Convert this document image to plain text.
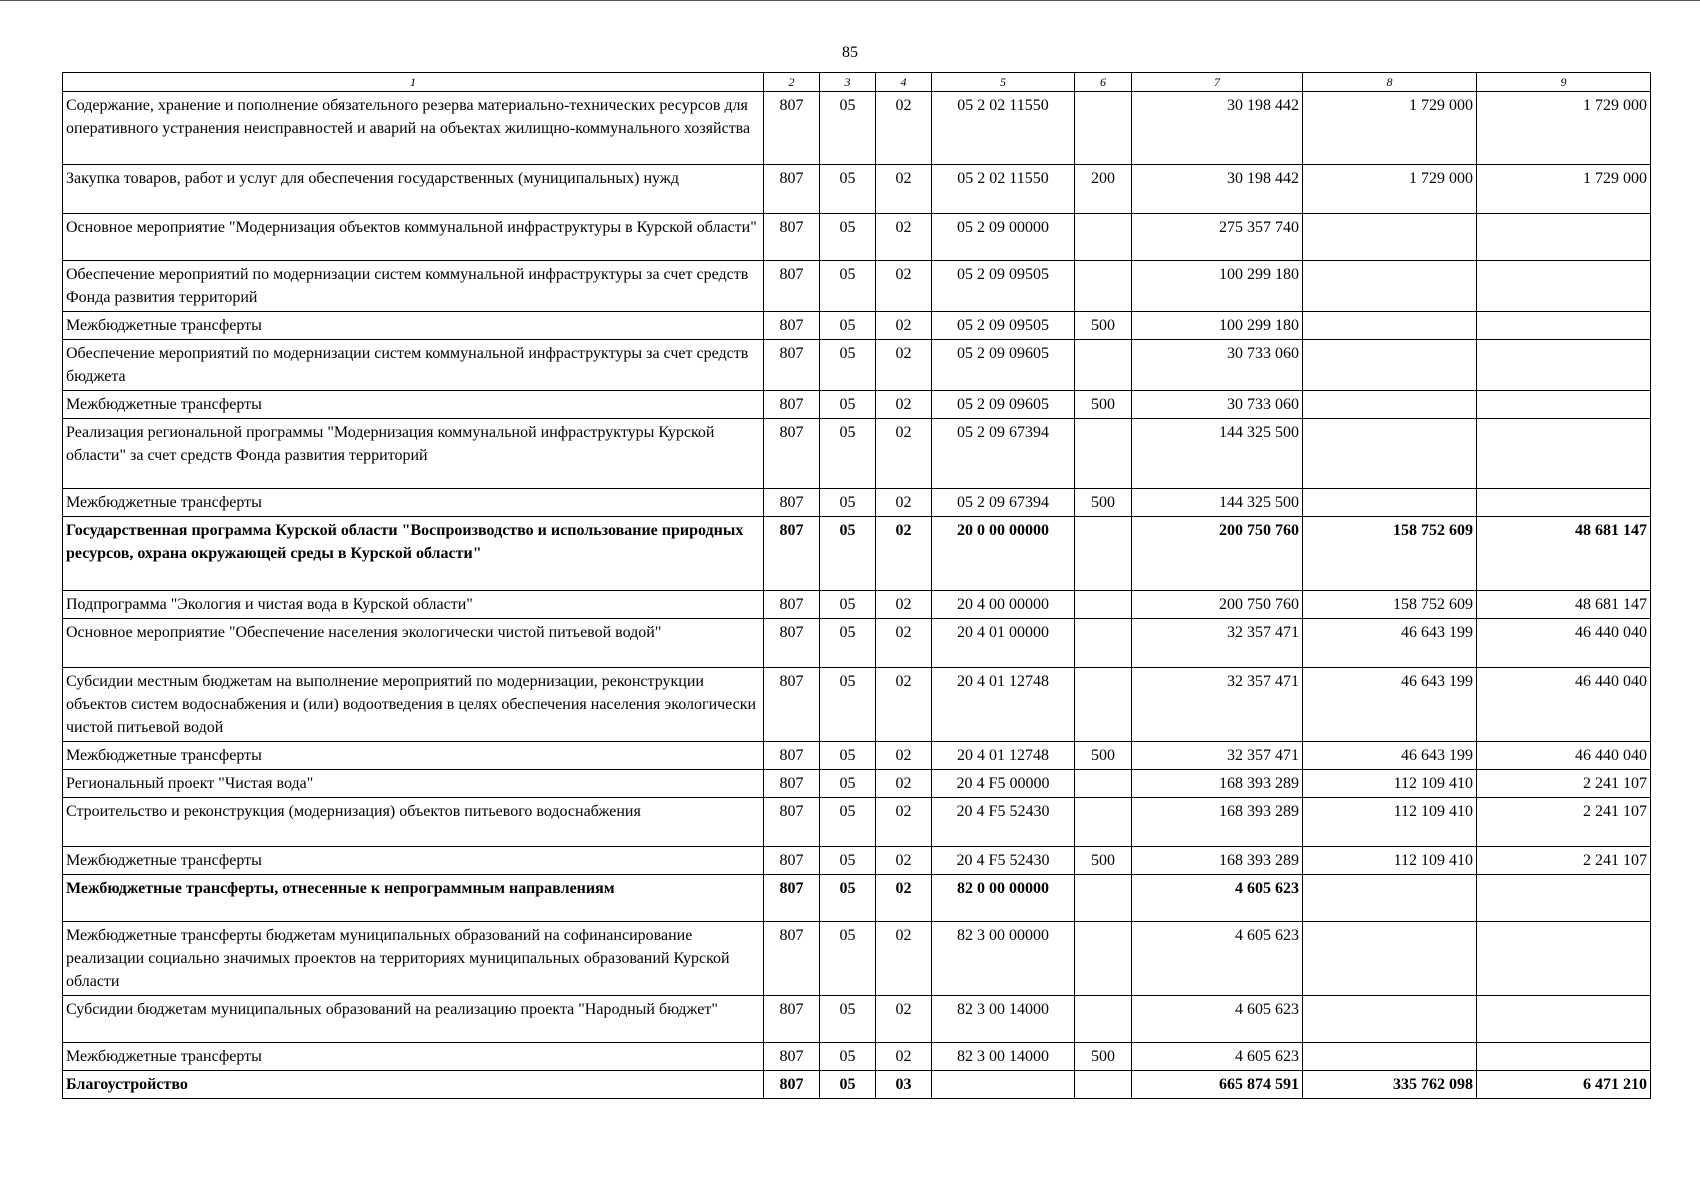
85
1	2	3	4	5	6	7	8	9
Содержание, хранение и пополнение обязательного резерва материально-технических ресурсов для оперативного устранения неисправностей и аварий на объектах жилищно-коммунального хозяйства	807	05	02	05 2 02 11550		30 198 442	1 729 000	1 729 000
Закупка товаров, работ и услуг для обеспечения государственных (муниципальных) нужд	807	05	02	05 2 02 11550	200	30 198 442	1 729 000	1 729 000
Основное мероприятие "Модернизация объектов коммунальной инфраструктуры в Курской области"	807	05	02	05 2 09 00000		275 357 740		
Обеспечение мероприятий по модернизации систем коммунальной инфраструктуры за счет средств Фонда развития территорий	807	05	02	05 2 09 09505		100 299 180		
Межбюджетные трансферты	807	05	02	05 2 09 09505	500	100 299 180		
Обеспечение мероприятий по модернизации систем коммунальной инфраструктуры за счет средств бюджета	807	05	02	05 2 09 09605		30 733 060		
Межбюджетные трансферты	807	05	02	05 2 09 09605	500	30 733 060		
Реализация региональной программы "Модернизация коммунальной инфраструктуры Курской области" за счет средств Фонда развития территорий	807	05	02	05 2 09 67394		144 325 500		
Межбюджетные трансферты	807	05	02	05 2 09 67394	500	144 325 500		
Государственная программа Курской области "Воспроизводство и использование природных ресурсов, охрана окружающей среды в Курской области"	807	05	02	20 0 00 00000		200 750 760	158 752 609	48 681 147
Подпрограмма "Экология и чистая вода в Курской области"	807	05	02	20 4 00 00000		200 750 760	158 752 609	48 681 147
Основное мероприятие "Обеспечение населения экологически чистой питьевой водой"	807	05	02	20 4 01 00000		32 357 471	46 643 199	46 440 040
Субсидии местным бюджетам на выполнение мероприятий по модернизации, реконструкции объектов систем водоснабжения и (или) водоотведения в целях обеспечения населения экологически чистой питьевой водой	807	05	02	20 4 01 12748		32 357 471	46 643 199	46 440 040
Межбюджетные трансферты	807	05	02	20 4 01 12748	500	32 357 471	46 643 199	46 440 040
Региональный проект "Чистая вода"	807	05	02	20 4 F5 00000		168 393 289	112 109 410	2 241 107
Строительство и реконструкция (модернизация) объектов питьевого водоснабжения	807	05	02	20 4 F5 52430		168 393 289	112 109 410	2 241 107
Межбюджетные трансферты	807	05	02	20 4 F5 52430	500	168 393 289	112 109 410	2 241 107
Межбюджетные трансферты, отнесенные к непрограммным направлениям	807	05	02	82 0 00 00000		4 605 623		
Межбюджетные трансферты бюджетам муниципальных образований на софинансирование реализации социально значимых проектов на территориях муниципальных образований Курской области	807	05	02	82 3 00 00000		4 605 623		
Субсидии бюджетам муниципальных образований на реализацию проекта "Народный бюджет"	807	05	02	82 3 00 14000		4 605 623		
Межбюджетные трансферты	807	05	02	82 3 00 14000	500	4 605 623		
Благоустройство	807	05	03			665 874 591	335 762 098	6 471 210
